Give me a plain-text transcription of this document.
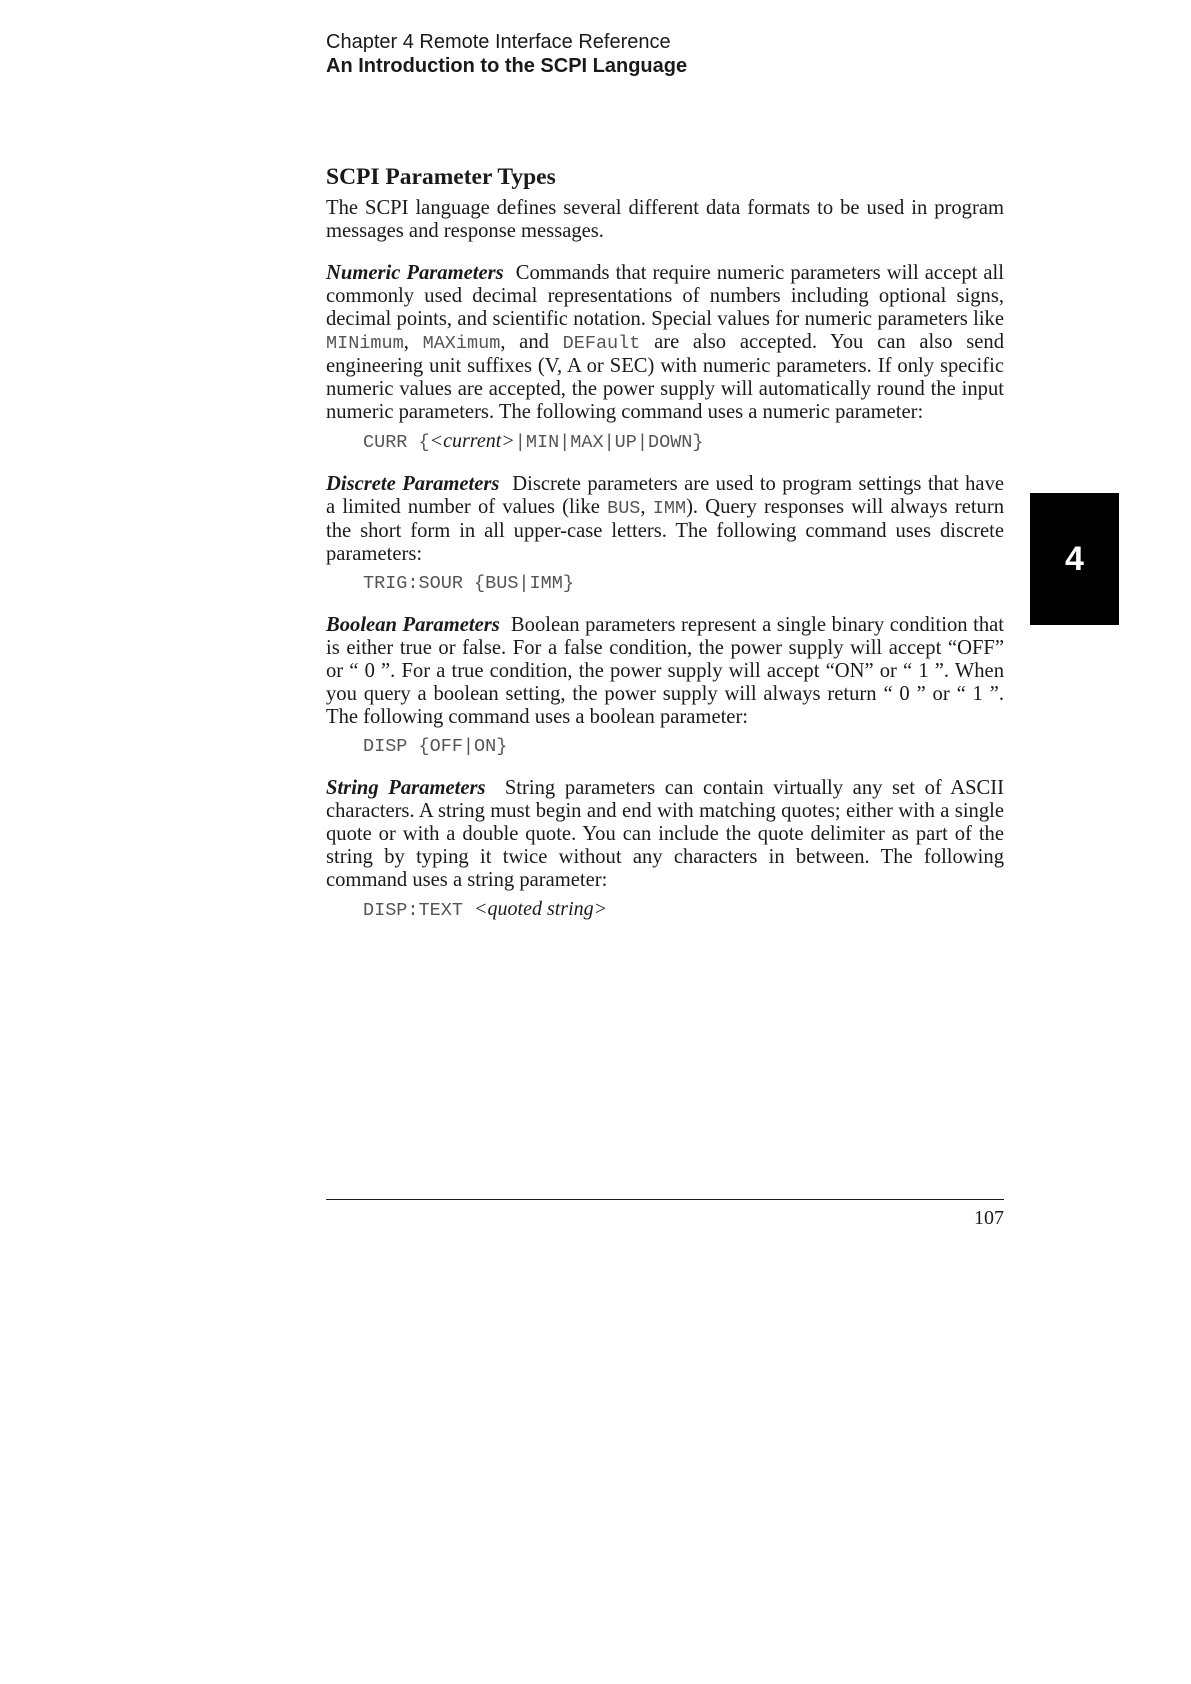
Chapter 4 Remote Interface Reference
An Introduction to the SCPI Language
SCPI Parameter Types

The SCPI language defines several different data formats to be used in program messages and response messages.

Numeric Parameters Commands that require numeric parameters will accept all commonly used decimal representations of numbers including optional signs, decimal points, and scientific notation. Special values for numeric parameters like MINimum, MAXimum, and DEFault are also accepted. You can also send engineering unit suffixes (V, A or SEC) with numeric parameters. If only specific numeric values are accepted, the power supply will automatically round the input numeric parameters. The following command uses a numeric parameter:

CURR {<current>|MIN|MAX|UP|DOWN}

Discrete Parameters Discrete parameters are used to program settings that have a limited number of values (like BUS, IMM). Query responses will always return the short form in all upper-case letters. The following command uses discrete parameters:

TRIG:SOUR {BUS|IMM}

Boolean Parameters Boolean parameters represent a single binary condition that is either true or false. For a false condition, the power supply will accept “OFF” or “ 0 ”. For a true condition, the power supply will accept “ON” or “ 1 ”. When you query a boolean setting, the power supply will always return “ 0 ” or “ 1 ”. The following command uses a boolean parameter:

DISP {OFF|ON}

String Parameters String parameters can contain virtually any set of ASCII characters. A string must begin and end with matching quotes; either with a single quote or with a double quote. You can include the quote delimiter as part of the string by typing it twice without any characters in between. The following command uses a string parameter:

DISP:TEXT <quoted string>
4
107
